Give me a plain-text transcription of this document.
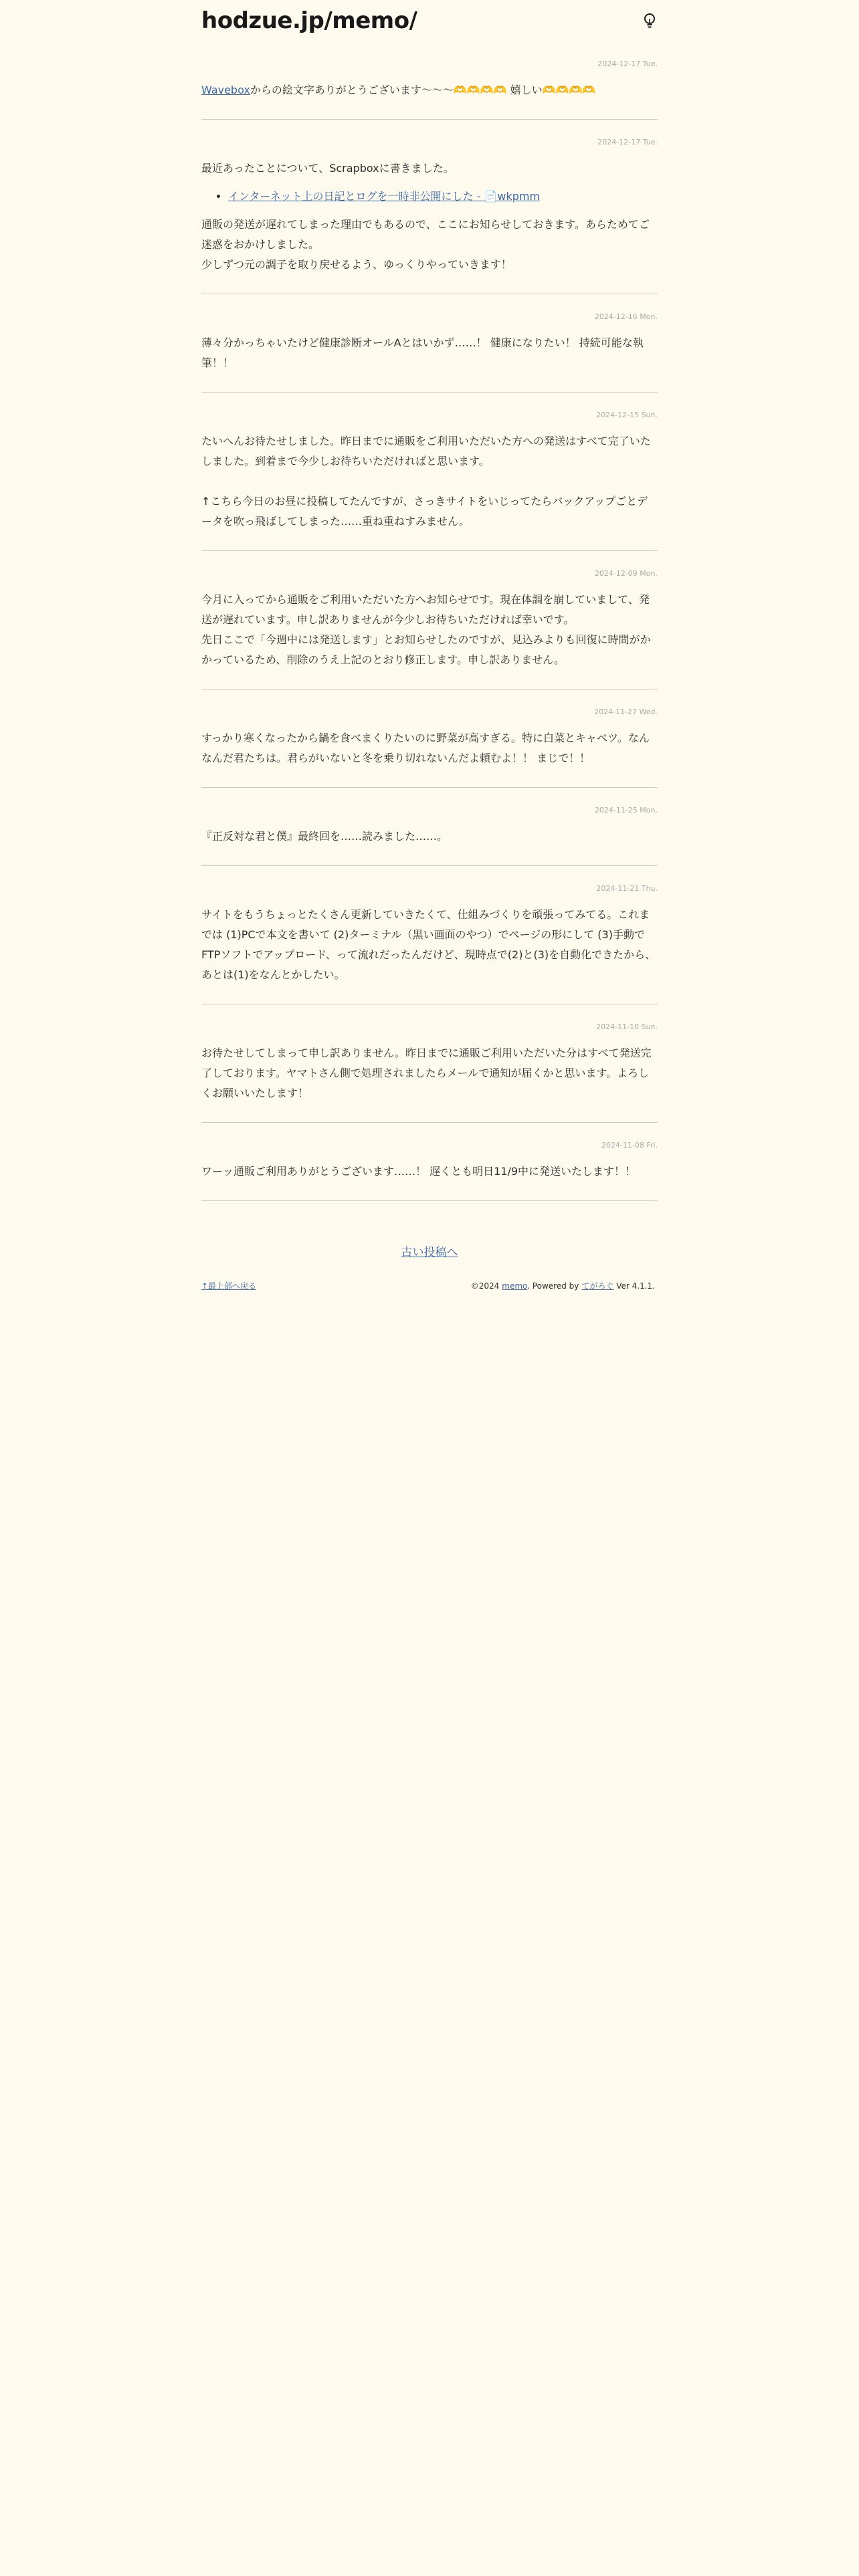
hodzue.jp/memo/
2024-12-17 Tue.

Waveboxからの絵文字ありがとうございます〜〜〜🫶🫶🫶🫶 嬉しい🫶🫶🫶🫶

2024-12-17 Tue.

最近あったことについて、Scrapboxに書きました。

• インターネット上の日記とログを一時非公開にした - 📄wkpmm

通販の発送が遅れてしまった理由でもあるので、ここにお知らせしておきます。あらためてご迷惑をおかけしました。
少しずつ元の調子を取り戻せるよう、ゆっくりやっていきます！

2024-12-16 Mon.

薄々分かっちゃいたけど健康診断オールAとはいかず……！ 健康になりたい！ 持続可能な執筆！！

2024-12-15 Sun.

たいへんお待たせしました。昨日までに通販をご利用いただいた方への発送はすべて完了いたしました。到着まで今少しお待ちいただければと思います。

↑こちら今日のお昼に投稿してたんですが、さっきサイトをいじってたらバックアップごとデータを吹っ飛ばしてしまった……重ね重ねすみません。

2024-12-09 Mon.

今月に入ってから通販をご利用いただいた方へお知らせです。現在体調を崩していまして、発送が遅れています。申し訳ありませんが今少しお待ちいただければ幸いです。
先日ここで「今週中には発送します」とお知らせしたのですが、見込みよりも回復に時間がかかっているため、削除のうえ上記のとおり修正します。申し訳ありません。

2024-11-27 Wed.

すっかり寒くなったから鍋を食べまくりたいのに野菜が高すぎる。特に白菜とキャベツ。なんなんだ君たちは。君らがいないと冬を乗り切れないんだよ頼むよ！！ まじで！！

2024-11-25 Mon.

『正反対な君と僕』最終回を……読みました……。

2024-11-21 Thu.

サイトをもうちょっとたくさん更新していきたくて、仕組みづくりを頑張ってみてる。これまでは (1)PCで本文を書いて (2)ターミナル（黒い画面のやつ）でページの形にして (3)手動でFTPソフトでアップロード、って流れだったんだけど、現時点で(2)と(3)を自動化できたから、あとは(1)をなんとかしたい。

2024-11-10 Sun.

お待たせしてしまって申し訳ありません。昨日までに通販ご利用いただいた分はすべて発送完了しております。ヤマトさん側で処理されましたらメールで通知が届くかと思います。よろしくお願いいたします！

2024-11-08 Fri.

ワーッ通販ご利用ありがとうございます……！ 遅くとも明日11/9中に発送いたします！！

古い投稿へ
↑最上部へ戻る	©2024 memo. Powered by てがろぐ Ver 4.1.1.
